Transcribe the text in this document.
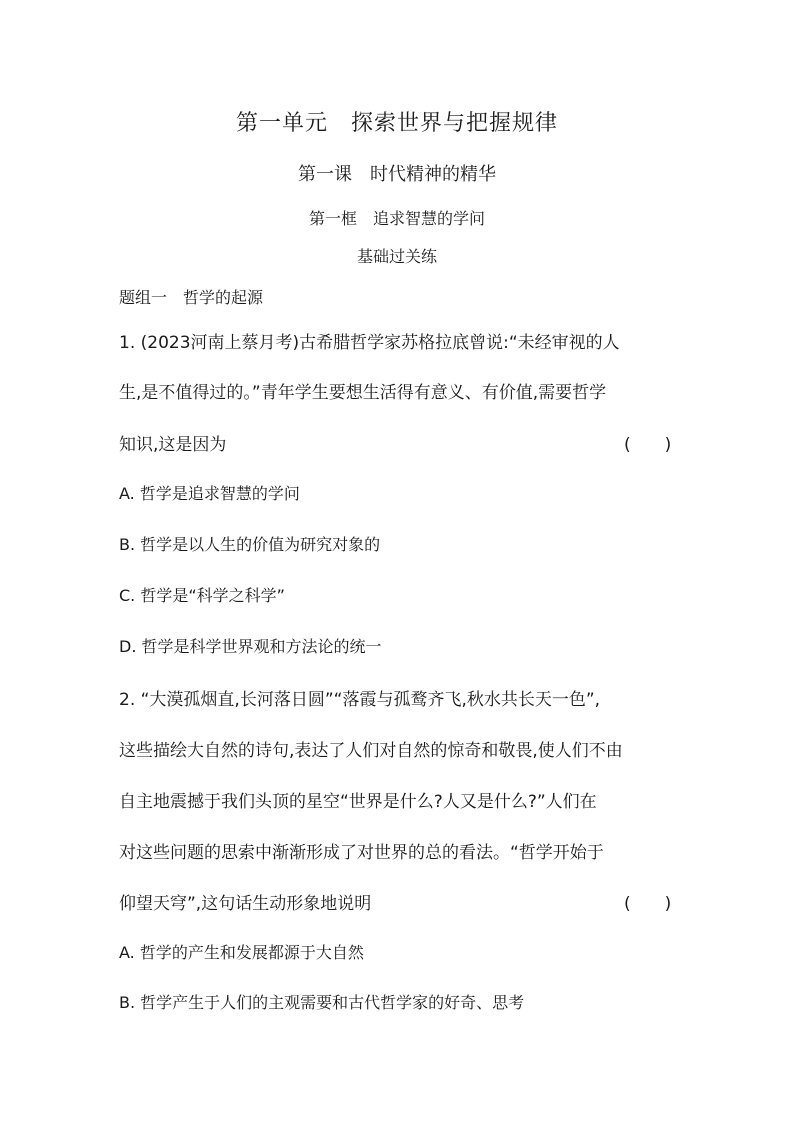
第一单元　探索世界与把握规律
第一课　时代精神的精华
第一框　追求智慧的学问
基础过关练
题组一　哲学的起源
1. (2023河南上蔡月考)古希腊哲学家苏格拉底曾说:“未经审视的人
生,是不值得过的。”青年学生要想生活得有意义、有价值,需要哲学
知识,这是因为	(　　)
A. 哲学是追求智慧的学问
B. 哲学是以人生的价值为研究对象的
C. 哲学是“科学之科学”
D. 哲学是科学世界观和方法论的统一
2. “大漠孤烟直,长河落日圆”“落霞与孤鹜齐飞,秋水共长天一色”,
这些描绘大自然的诗句,表达了人们对自然的惊奇和敬畏,使人们不由
自主地震撼于我们头顶的星空“世界是什么?人又是什么?”人们在
对这些问题的思索中渐渐形成了对世界的总的看法。“哲学开始于
仰望天穹”,这句话生动形象地说明	(　　)
A. 哲学的产生和发展都源于大自然
B. 哲学产生于人们的主观需要和古代哲学家的好奇、思考
